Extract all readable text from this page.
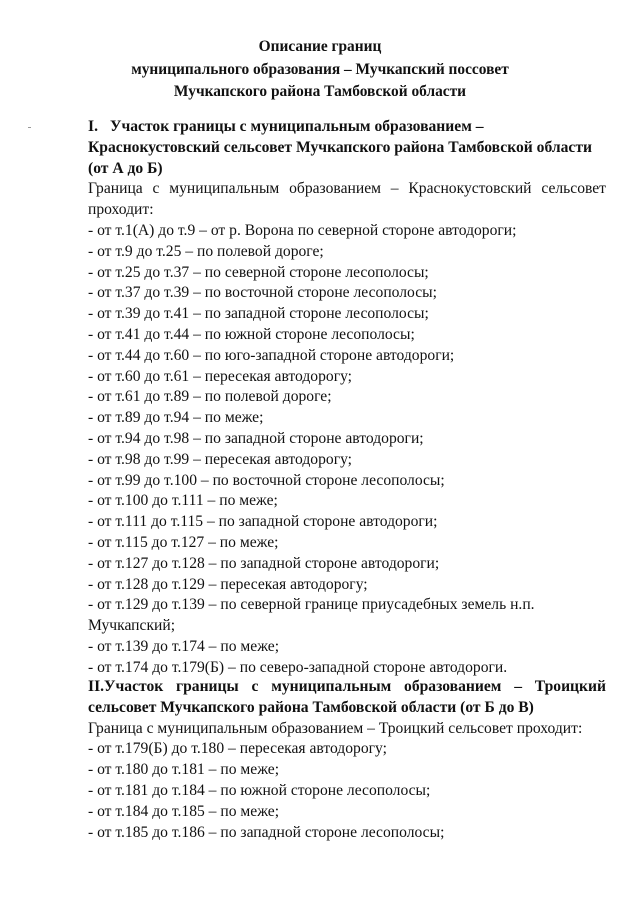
Описание границ
муниципального образования – Мучкапский поссовет
Мучкапского района Тамбовской области
I. Участок границы с муниципальным образованием –
Краснокустовский сельсовет Мучкапского района Тамбовской области
(от А до Б)
Граница с муниципальным образованием – Краснокустовский сельсовет
проходит:
- от т.1(А) до т.9 – от р. Ворона по северной стороне автодороги;
- от т.9 до т.25 – по полевой дороге;
- от т.25 до т.37 – по северной стороне лесополосы;
- от т.37 до т.39 – по восточной стороне лесополосы;
- от т.39 до т.41 – по западной стороне лесополосы;
- от т.41 до т.44 – по южной стороне лесополосы;
- от т.44 до т.60 – по юго-западной стороне автодороги;
- от т.60 до т.61 – пересекая автодорогу;
- от т.61 до т.89 – по полевой дороге;
- от т.89 до т.94 – по меже;
- от т.94 до т.98 – по западной стороне автодороги;
- от т.98 до т.99 – пересекая автодорогу;
- от т.99 до т.100 – по восточной стороне лесополосы;
- от т.100 до т.111 – по меже;
- от т.111 до т.115 – по западной стороне автодороги;
- от т.115 до т.127 – по меже;
- от т.127 до т.128 – по западной стороне автодороги;
- от т.128 до т.129 – пересекая автодорогу;
- от т.129 до т.139 – по северной границе приусадебных земель н.п.
Мучкапский;
- от т.139 до т.174 – по меже;
- от т.174 до т.179(Б) – по северо-западной стороне автодороги.
II.Участок границы с муниципальным образованием – Троицкий
сельсовет Мучкапского района Тамбовской области (от Б до В)
Граница с муниципальным образованием – Троицкий сельсовет проходит:
- от т.179(Б) до т.180 – пересекая автодорогу;
- от т.180 до т.181 – по меже;
- от т.181 до т.184 – по южной стороне лесополосы;
- от т.184 до т.185 – по меже;
- от т.185 до т.186 – по западной стороне лесополосы;
